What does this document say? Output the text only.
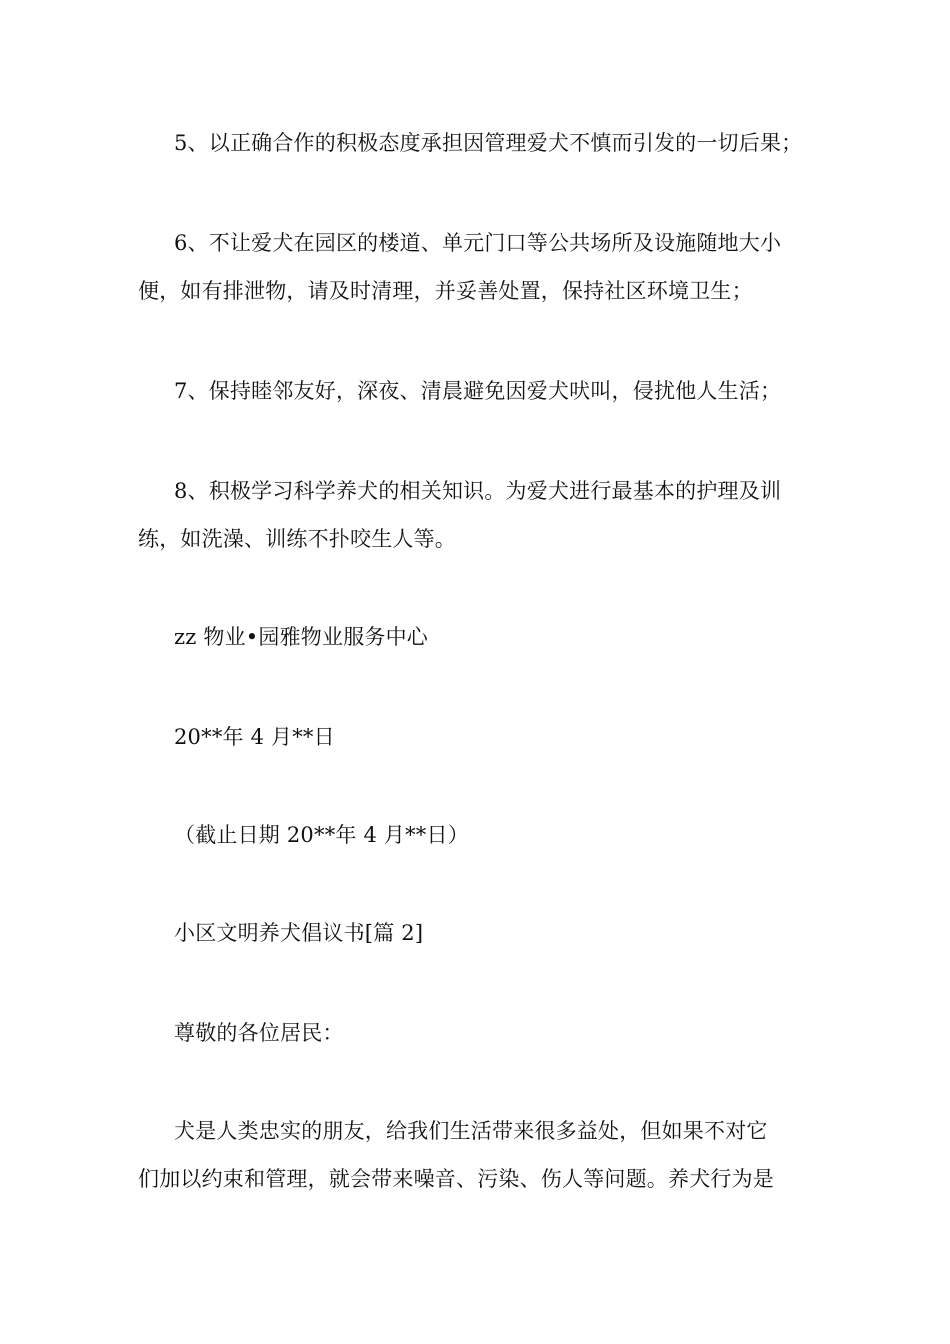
5、以正确合作的积极态度承担因管理爱犬不慎而引发的一切后果；
6、不让爱犬在园区的楼道、单元门口等公共场所及设施随地大小
便，如有排泄物，请及时清理，并妥善处置，保持社区环境卫生；
7、保持睦邻友好，深夜、清晨避免因爱犬吠叫，侵扰他人生活；
8、积极学习科学养犬的相关知识。为爱犬进行最基本的护理及训
练，如洗澡、训练不扑咬生人等。
zz 物业•园雅物业服务中心
20**年 4 月**日
（截止日期 20**年 4 月**日）
小区文明养犬倡议书[篇 2]
尊敬的各位居民：
犬是人类忠实的朋友，给我们生活带来很多益处，但如果不对它
们加以约束和管理，就会带来噪音、污染、伤人等问题。养犬行为是
